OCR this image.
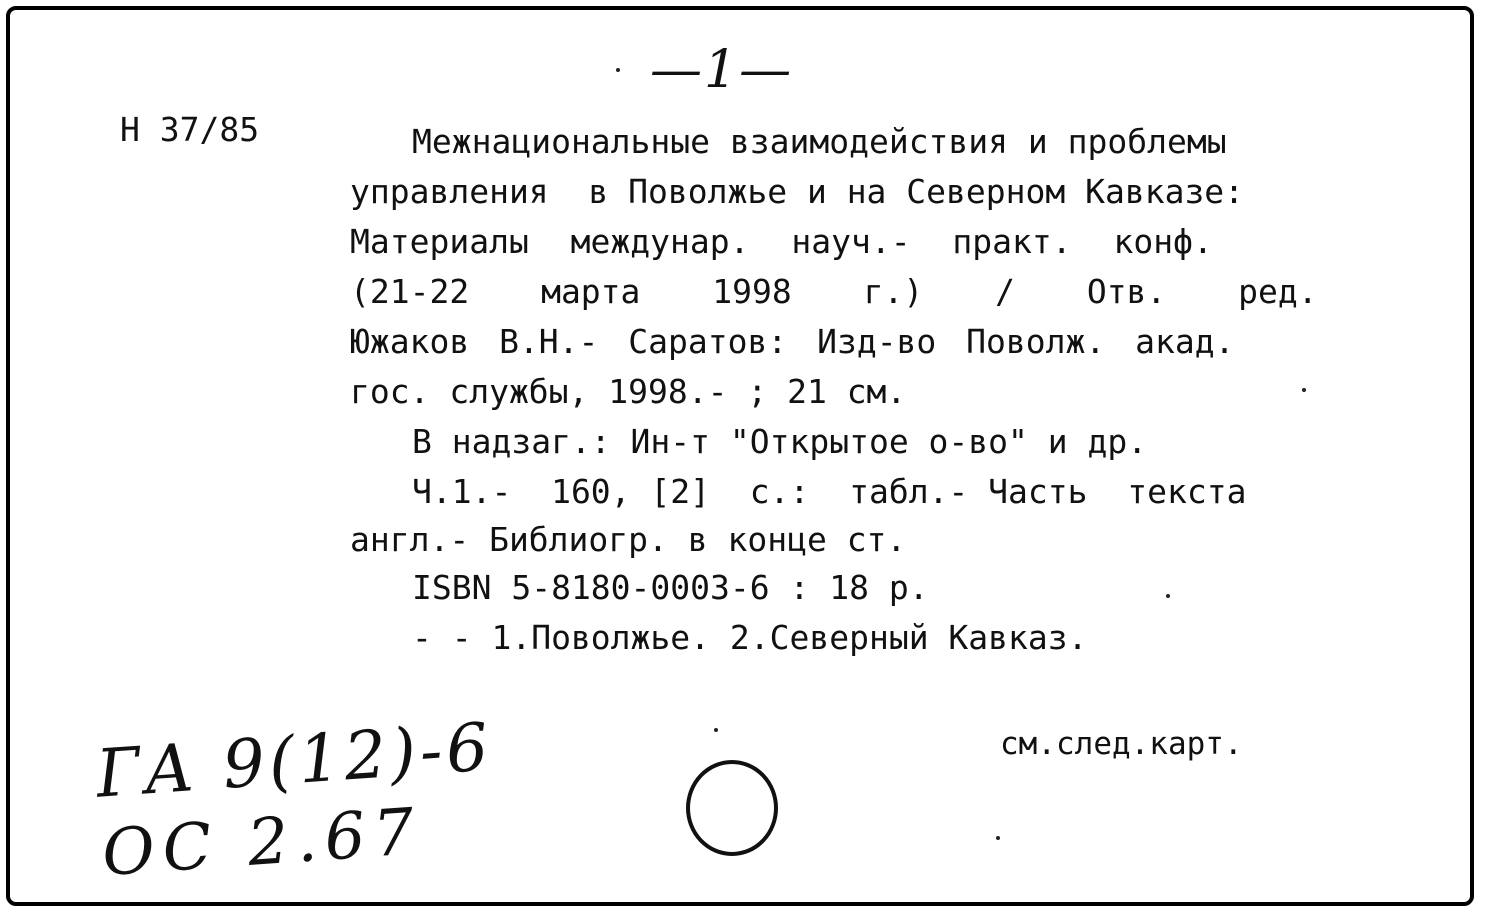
—1—
Н 37/85	Межнациональные взаимодействия и проблемы
управления  в Поволжье и на Северном Кавказе:
Материалы междунар. науч.- практ. конф.
(21-22 марта 1998 г.) / Отв. ред.
Южаков В.Н.- Саратов: Изд-во Поволж. акад.
гос. службы, 1998.- ; 21 см.
В надзаг.: Ин-т "Открытое о-во" и др.
Ч.1.-  160, [2]  с.:  табл.- Часть  текста
англ.- Библиогр. в конце ст.
ISBN 5-8180-0003-6 : 18 р.
- - 1.Поволжье. 2.Северный Кавказ.
см.след.карт.
ГА 9(12)-6
ОС 2.67
